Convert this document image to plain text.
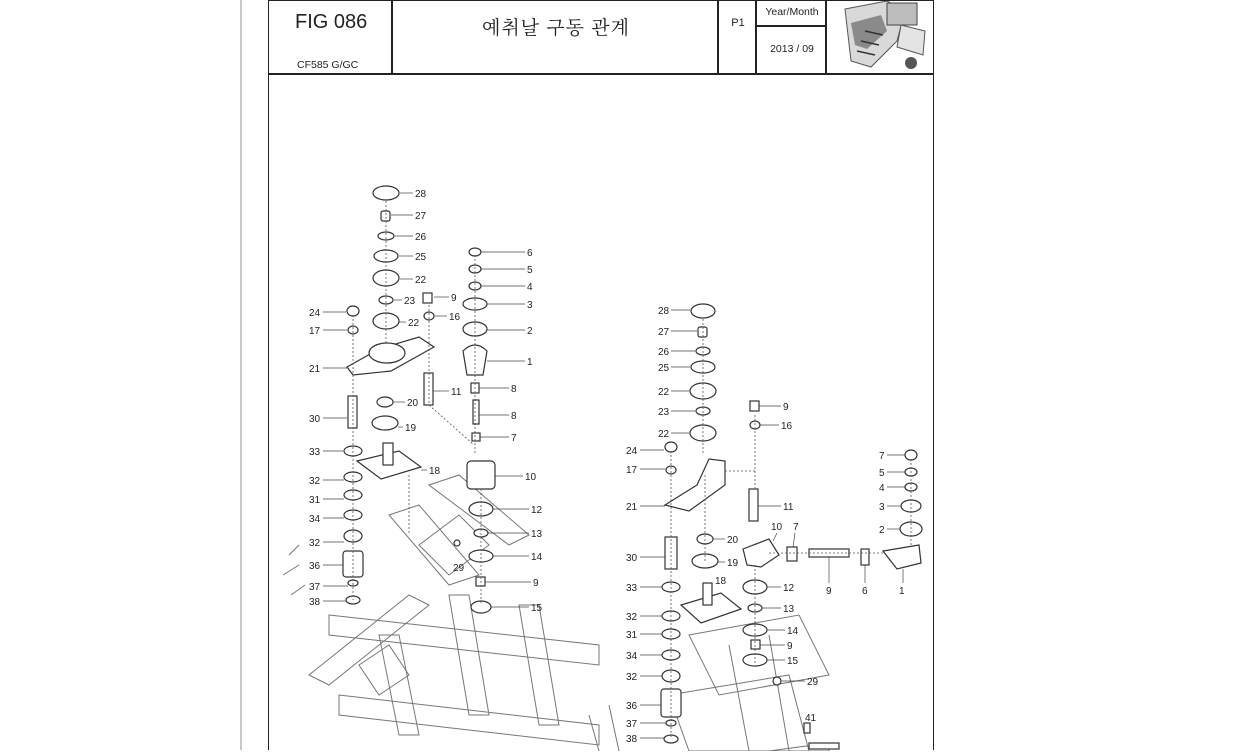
FIG 086
CF585 G/GC
예취날 구동 관계	P1
Year/Month
2013 / 09
28
27
26
25
22
23	9
16
22
24
17
21
20
11
19
30
33
18
32
31
34
32
36
37
38
29
6
5
4
3
2
1
8
8
7
10
12
13
14
9
15
28
27
26
25
22
23
22
9
16
24
17
21	11
10 7
20
19
30
33
18
12
13
32
31
34
32
36
37
38
14
9
15
29
41
9	6	1
7
5
4
3
2
